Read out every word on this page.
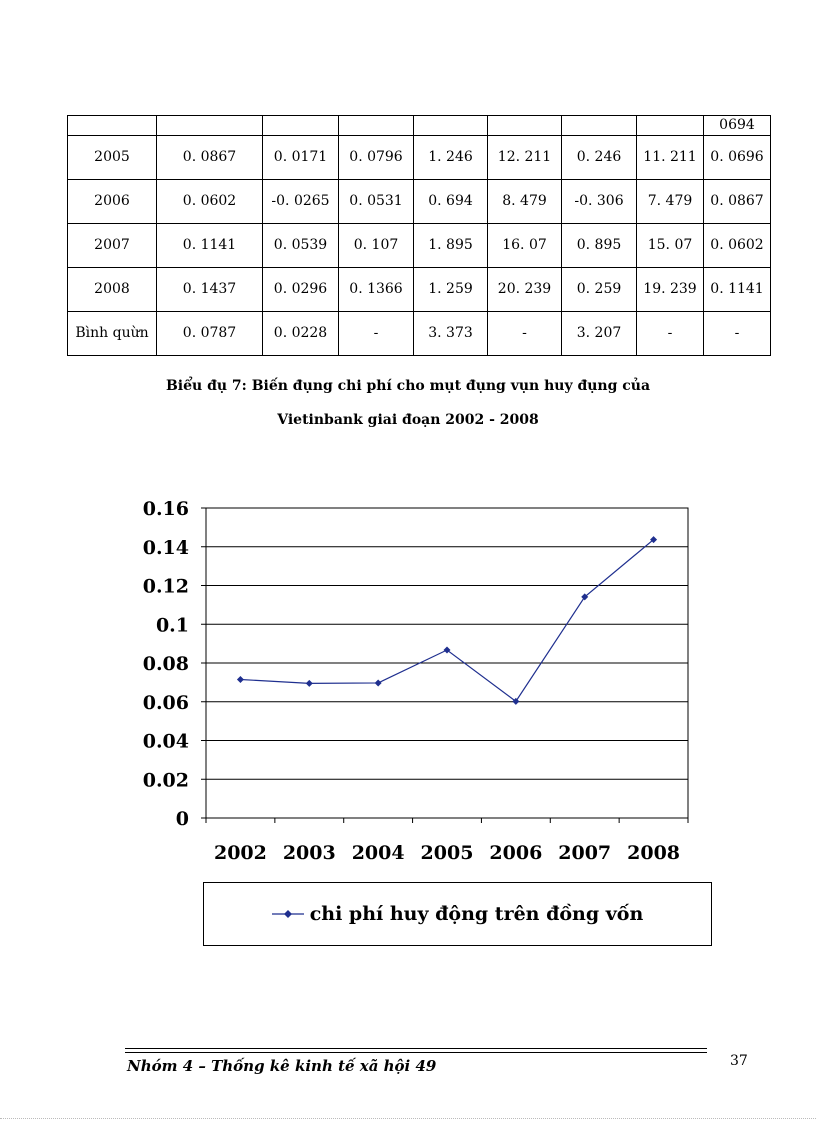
								0694
2005	0. 0867	0. 0171	0. 0796	1. 246	12. 211	0. 246	11. 211	0. 0696
2006	0. 0602	-0. 0265	0. 0531	0. 694	8. 479	-0. 306	7. 479	0. 0867
2007	0. 1141	0. 0539	0. 107	1. 895	16. 07	0. 895	15. 07	0. 0602
2008	0. 1437	0. 0296	0. 1366	1. 259	20. 239	0. 259	19. 239	0. 1141
Bình quừn	0. 0787	0. 0228	-	3. 373	-	3. 207	-	-
Biểu đụ 7: Biến đụng chi phí cho mụt đụng vụn huy đụng của
Vietinbank giai đoạn 2002 - 2008
0
0.02
0.04
0.06
0.08
0.1
0.12
0.14
0.16
2002 2003 2004 2005 2006 2007 2008
chi phí huy động trên đồng vốn
Nhóm 4 – Thống kê kinh tế xã hội 49	37
